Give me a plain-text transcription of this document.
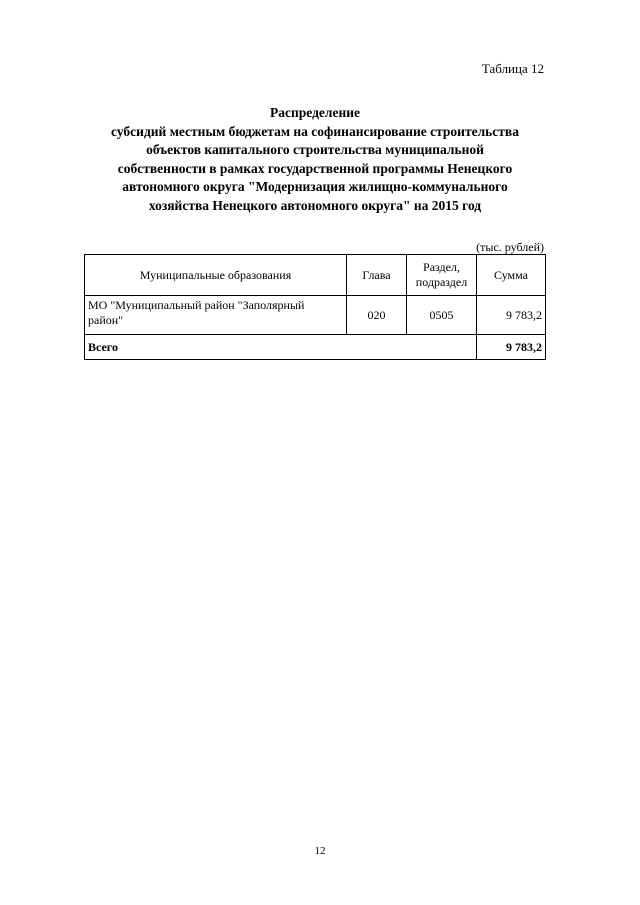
Таблица 12
Распределение
субсидий местным бюджетам на софинансирование строительства
объектов капитального строительства муниципальной
собственности в рамках государственной программы Ненецкого
автономного округа "Модернизация жилищно-коммунального
хозяйства Ненецкого автономного округа" на 2015 год
(тыс. рублей)
Муниципальные образования	Глава	Раздел,
подраздел	Сумма
МО "Муниципальный район "Заполярный
район"	020	0505	9 783,2
Всего			9 783,2
12
